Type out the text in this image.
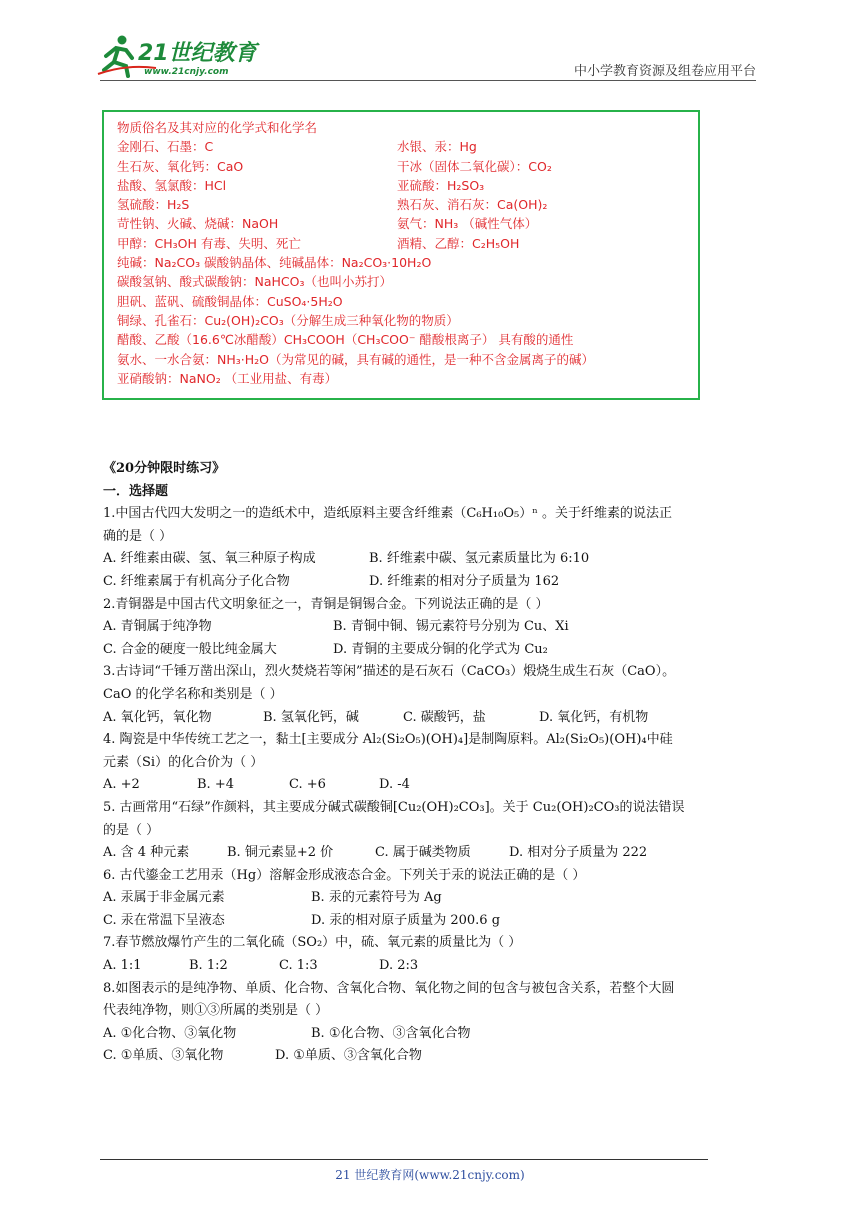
21世纪教育
www.21cnjy.com	中小学教育资源及组卷应用平台
物质俗名及其对应的化学式和化学名
金刚石、石墨：C	水银、汞：Hg
生石灰、氧化钙：CaO	干冰（固体二氧化碳）：CO₂
盐酸、氢氯酸：HCl	亚硫酸：H₂SO₃
氢硫酸：H₂S	熟石灰、消石灰：Ca(OH)₂
苛性钠、火碱、烧碱：NaOH	氨气：NH₃ （碱性气体）
甲醇：CH₃OH 有毒、失明、死亡	酒精、乙醇：C₂H₅OH
纯碱：Na₂CO₃ 碳酸钠晶体、纯碱晶体：Na₂CO₃·10H₂O
碳酸氢钠、酸式碳酸钠：NaHCO₃（也叫小苏打）
胆矾、蓝矾、硫酸铜晶体：CuSO₄·5H₂O
铜绿、孔雀石：Cu₂(OH)₂CO₃（分解生成三种氧化物的物质）
醋酸、乙酸（16.6℃冰醋酸）CH₃COOH（CH₃COO⁻ 醋酸根离子） 具有酸的通性
氨水、一水合氨：NH₃·H₂O（为常见的碱，具有碱的通性，是一种不含金属离子的碱）
亚硝酸钠：NaNO₂ （工业用盐、有毒）
《20分钟限时练习》
一．选择题
1.中国古代四大发明之一的造纸术中，造纸原料主要含纤维素（C₆H₁₀O₅）ⁿ 。关于纤维素的说法正
确的是（ ）
A. 纤维素由碳、氢、氧三种原子构成	B. 纤维素中碳、氢元素质量比为 6:10
C. 纤维素属于有机高分子化合物	D. 纤维素的相对分子质量为 162
2.青铜器是中国古代文明象征之一，青铜是铜锡合金。下列说法正确的是（ ）
A. 青铜属于纯净物	B. 青铜中铜、锡元素符号分别为 Cu、Xi
C. 合金的硬度一般比纯金属大	D. 青铜的主要成分铜的化学式为 Cu₂
3.古诗词“千锤万凿出深山，烈火焚烧若等闲”描述的是石灰石（CaCO₃）煅烧生成生石灰（CaO）。
CaO 的化学名称和类别是（ ）
A. 氧化钙，氧化物	B. 氢氧化钙，碱	C. 碳酸钙，盐	D. 氧化钙，有机物
4. 陶瓷是中华传统工艺之一，黏土[主要成分 Al₂(Si₂O₅)(OH)₄]是制陶原料。Al₂(Si₂O₅)(OH)₄中硅
元素（Si）的化合价为（ ）
A. +2	B. +4	C. +6	D. -4
5. 古画常用“石绿”作颜料，其主要成分碱式碳酸铜[Cu₂(OH)₂CO₃]。关于 Cu₂(OH)₂CO₃的说法错误
的是（ ）
A. 含 4 种元素	B. 铜元素显+2 价	C. 属于碱类物质	D. 相对分子质量为 222
6. 古代鎏金工艺用汞（Hg）溶解金形成液态合金。下列关于汞的说法正确的是（ ）
A. 汞属于非金属元素	B. 汞的元素符号为 Ag
C. 汞在常温下呈液态	D. 汞的相对原子质量为 200.6 g
7.春节燃放爆竹产生的二氧化硫（SO₂）中，硫、氧元素的质量比为（ ）
A. 1:1	B. 1:2	C. 1:3	D. 2:3
8.如图表示的是纯净物、单质、化合物、含氧化合物、氧化物之间的包含与被包含关系，若整个大圆
代表纯净物，则①③所属的类别是（ ）
A. ①化合物、③氧化物	B. ①化合物、③含氧化合物
C. ①单质、③氧化物	D. ①单质、③含氧化合物
21 世纪教育网(www.21cnjy.com)
